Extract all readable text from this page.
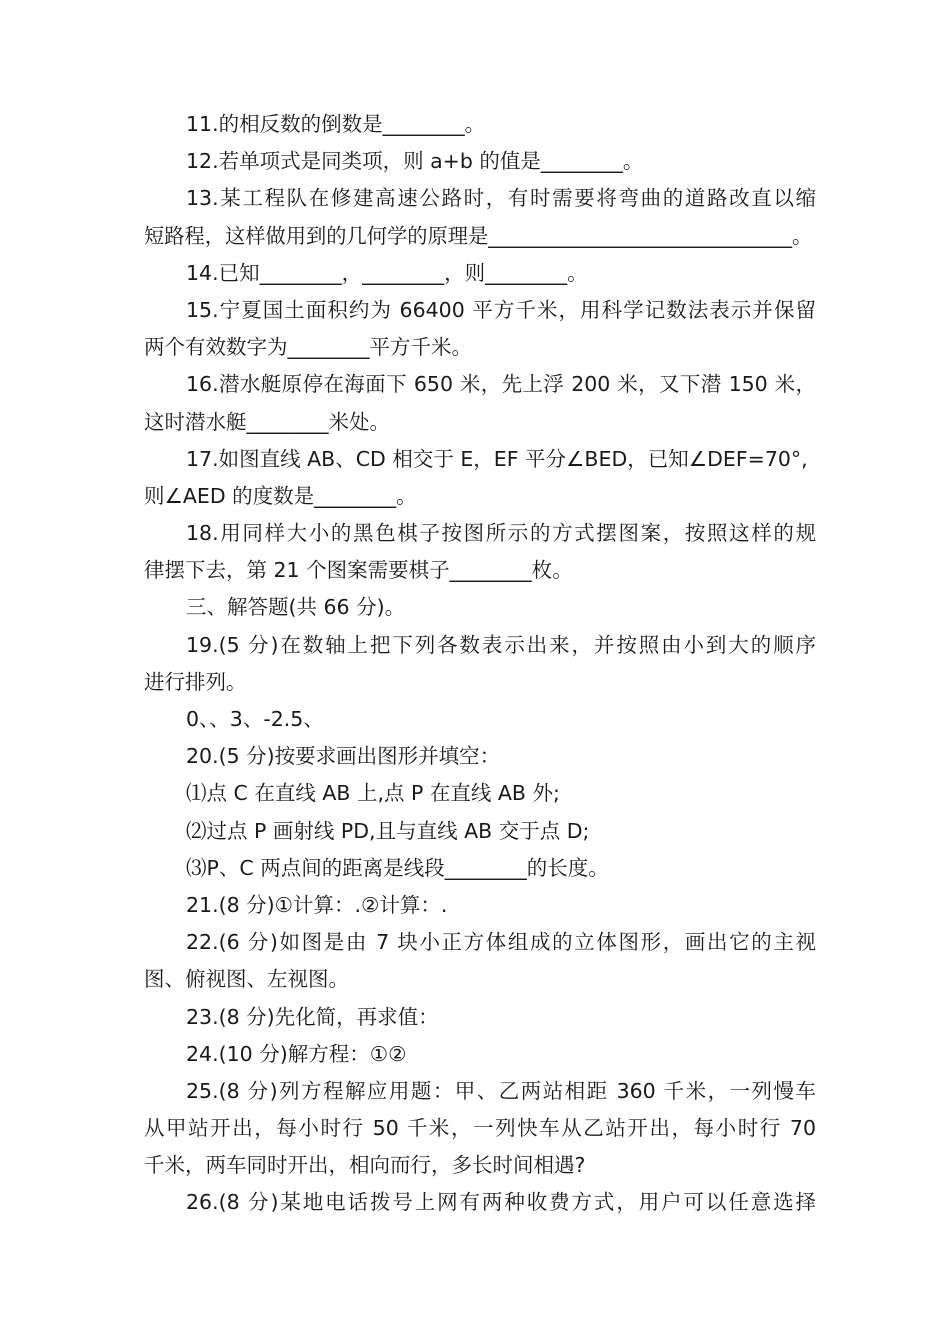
11.的相反数的倒数是________。
12.若单项式是同类项，则 a+b 的值是________。
13.某工程队在修建高速公路时，有时需要将弯曲的道路改直以缩
短路程，这样做用到的几何学的原理是______________________________。
14.已知________，________，则________。
15.宁夏国土面积约为 66400 平方千米，用科学记数法表示并保留
两个有效数字为________平方千米。
16.潜水艇原停在海面下 650 米，先上浮 200 米，又下潜 150 米，
这时潜水艇________米处。
17.如图直线 AB、CD 相交于 E，EF 平分∠BED，已知∠DEF=70°,
则∠AED 的度数是________。
18.用同样大小的黑色棋子按图所示的方式摆图案，按照这样的规
律摆下去，第 21 个图案需要棋子________枚。
三、解答题(共 66 分)。
19.(5 分)在数轴上把下列各数表示出来，并按照由小到大的顺序
进行排列。
0、、3、-2.5、
20.(5 分)按要求画出图形并填空：
⑴点 C 在直线 AB 上,点 P 在直线 AB 外;
⑵过点 P 画射线 PD,且与直线 AB 交于点 D;
⑶P、C 两点间的距离是线段________的长度。
21.(8 分)①计算：.②计算：.
22.(6 分)如图是由 7 块小正方体组成的立体图形，画出它的主视
图、俯视图、左视图。
23.(8 分)先化简，再求值：
24.(10 分)解方程：①②
25.(8 分)列方程解应用题：甲、乙两站相距 360 千米，一列慢车
从甲站开出，每小时行 50 千米，一列快车从乙站开出，每小时行 70
千米，两车同时开出，相向而行，多长时间相遇?
26.(8 分)某地电话拨号上网有两种收费方式，用户可以任意选择
